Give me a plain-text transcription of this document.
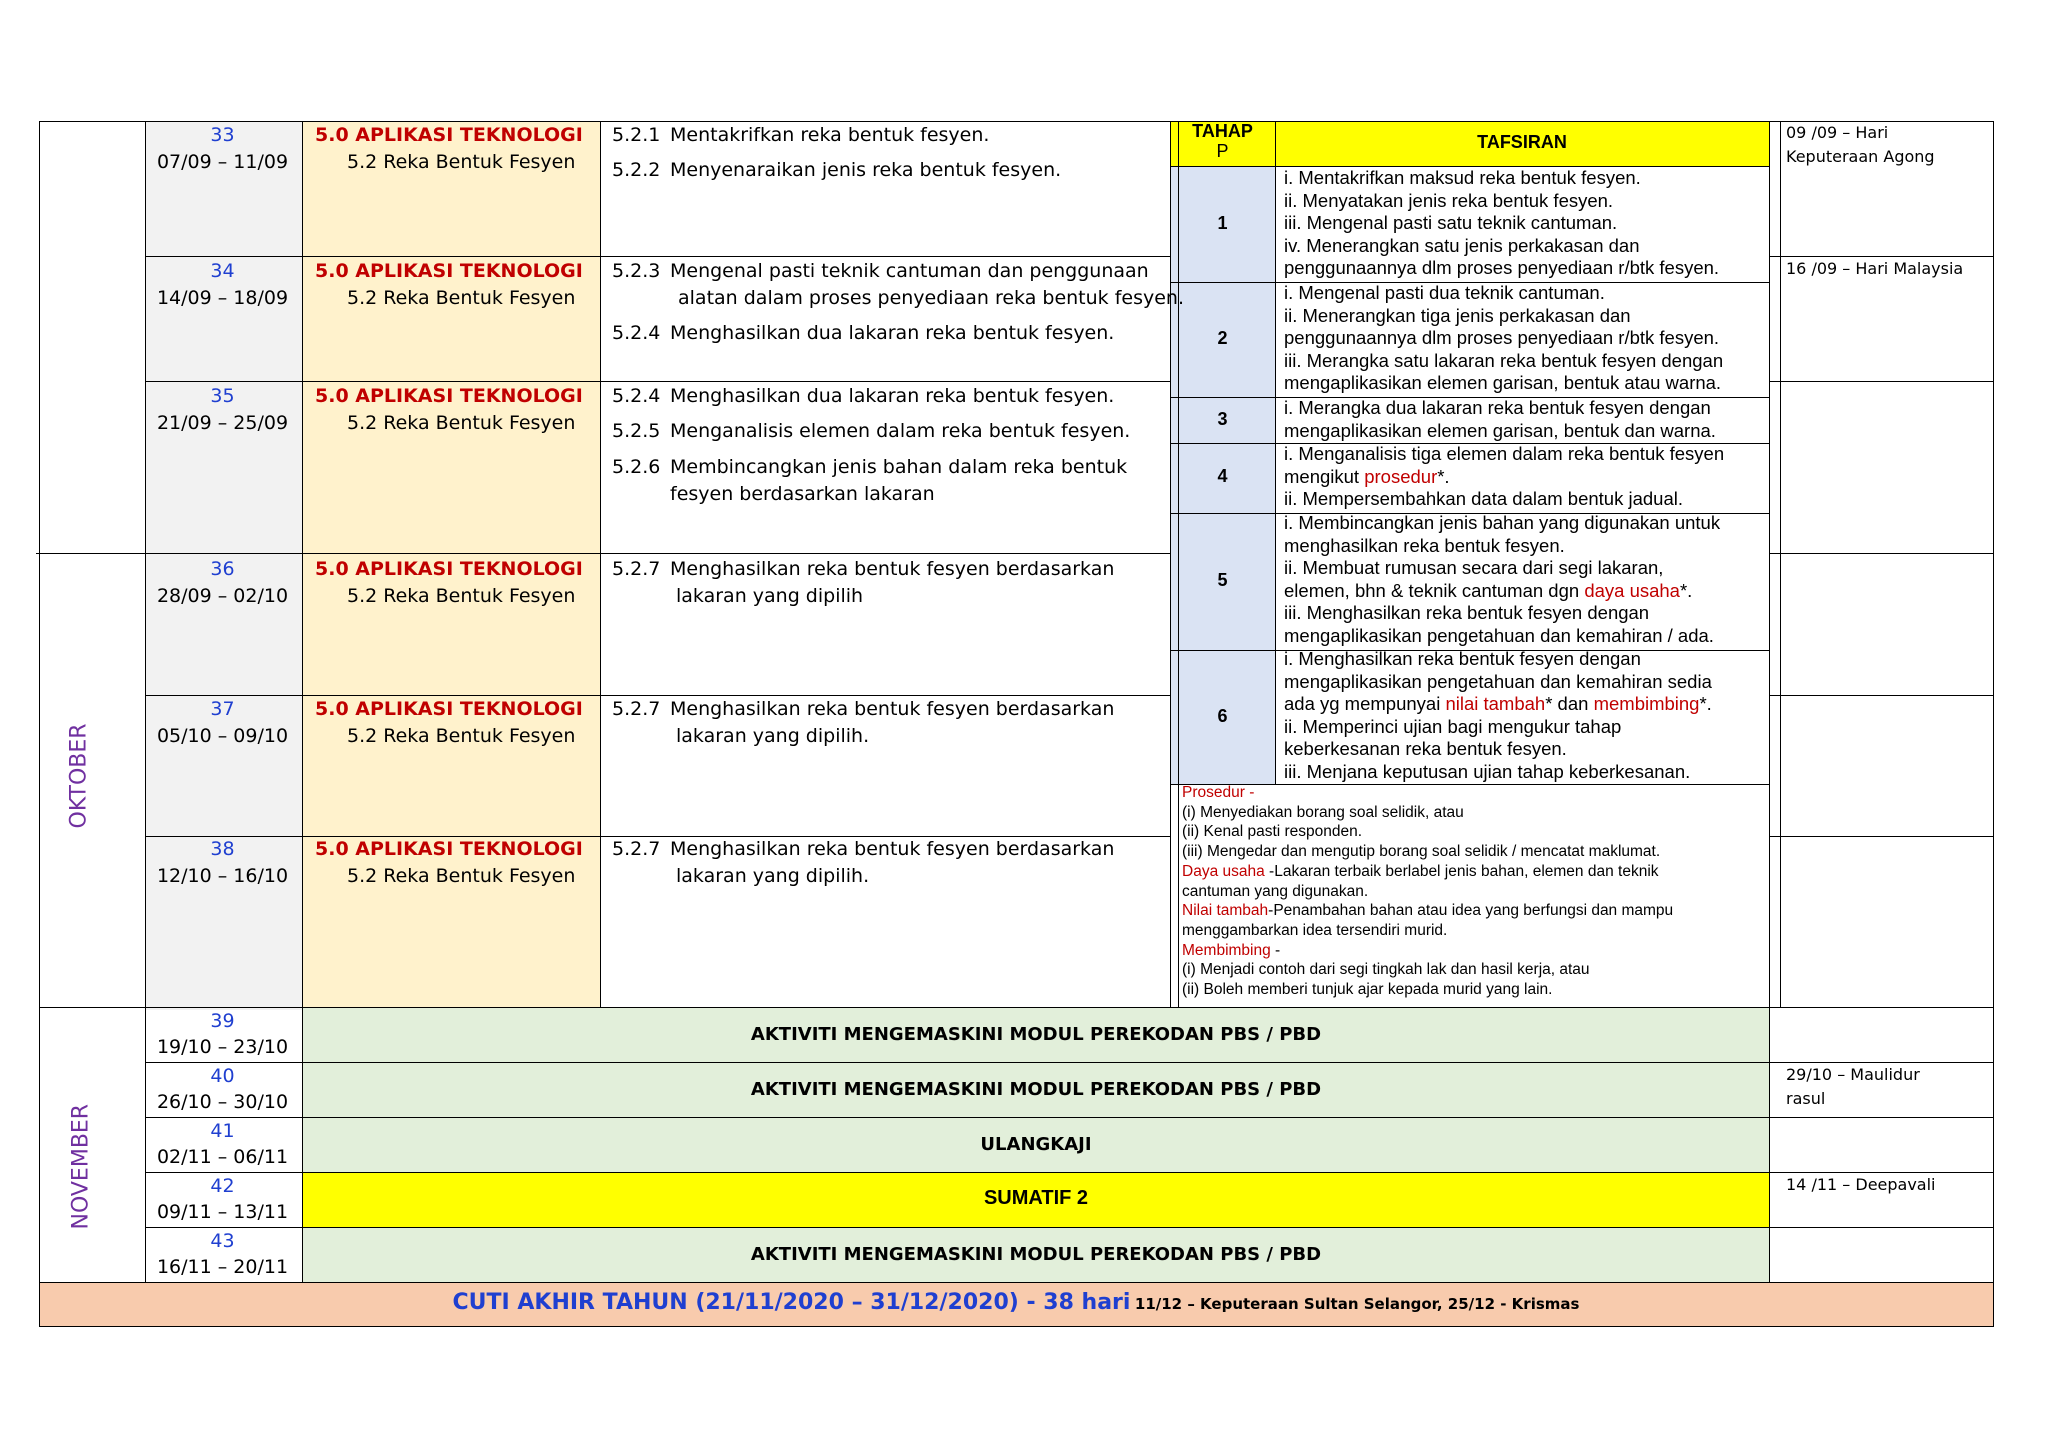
OKTOBER
NOVEMBER
33
07/09 – 11/09
34
14/09 – 18/09
35
21/09 – 25/09
36
28/09 – 02/10
37
05/10 – 09/10
38
12/10 – 16/10
39
19/10 – 23/10
40
26/10 – 30/10
41
02/11 – 06/11
42
09/11 – 13/11
43
16/11 – 20/11
5.0 APLIKASI TEKNOLOGI
5.2 Reka Bentuk Fesyen
5.0 APLIKASI TEKNOLOGI
5.2 Reka Bentuk Fesyen
5.0 APLIKASI TEKNOLOGI
5.2 Reka Bentuk Fesyen
5.0 APLIKASI TEKNOLOGI
5.2 Reka Bentuk Fesyen
5.0 APLIKASI TEKNOLOGI
5.2 Reka Bentuk Fesyen
5.0 APLIKASI TEKNOLOGI
5.2 Reka Bentuk Fesyen
5.2.1 Mentakrifkan reka bentuk fesyen.
5.2.2 Menyenaraikan jenis reka bentuk fesyen.
5.2.3 Mengenal pasti teknik cantuman dan penggunaan
alatan dalam proses penyediaan reka bentuk fesyen.
5.2.4 Menghasilkan dua lakaran reka bentuk fesyen.
5.2.4 Menghasilkan dua lakaran reka bentuk fesyen.
5.2.5 Menganalisis elemen dalam reka bentuk fesyen.
5.2.6 Membincangkan jenis bahan dalam reka bentuk
fesyen berdasarkan lakaran
5.2.7 Menghasilkan reka bentuk fesyen berdasarkan
lakaran yang dipilih
5.2.7 Menghasilkan reka bentuk fesyen berdasarkan
lakaran yang dipilih.
5.2.7 Menghasilkan reka bentuk fesyen berdasarkan
lakaran yang dipilih.
TAHAP
P	TAFSIRAN
1
2
3
4
5
6
i. Mentakrifkan maksud reka bentuk fesyen.
ii. Menyatakan jenis reka bentuk fesyen.
iii. Mengenal pasti satu teknik cantuman.
iv. Menerangkan satu jenis perkakasan dan
penggunaannya dlm proses penyediaan r/btk fesyen.
i. Mengenal pasti dua teknik cantuman.
ii. Menerangkan tiga jenis perkakasan dan
penggunaannya dlm proses penyediaan r/btk fesyen.
iii. Merangka satu lakaran reka bentuk fesyen dengan
mengaplikasikan elemen garisan, bentuk atau warna.
i. Merangka dua lakaran reka bentuk fesyen dengan
mengaplikasikan elemen garisan, bentuk dan warna.
i. Menganalisis tiga elemen dalam reka bentuk fesyen
mengikut prosedur*.
ii. Mempersembahkan data dalam bentuk jadual.
i. Membincangkan jenis bahan yang digunakan untuk
menghasilkan reka bentuk fesyen.
ii. Membuat rumusan secara dari segi lakaran,
elemen, bhn & teknik cantuman dgn daya usaha*.
iii. Menghasilkan reka bentuk fesyen dengan
mengaplikasikan pengetahuan dan kemahiran / ada.
i. Menghasilkan reka bentuk fesyen dengan
mengaplikasikan pengetahuan dan kemahiran sedia
ada yg mempunyai nilai tambah* dan membimbing*.
ii. Memperinci ujian bagi mengukur tahap
keberkesanan reka bentuk fesyen.
iii. Menjana keputusan ujian tahap keberkesanan.
Prosedur -
(i) Menyediakan borang soal selidik, atau
(ii) Kenal pasti responden.
(iii) Mengedar dan mengutip borang soal selidik / mencatat maklumat.
Daya usaha -Lakaran terbaik berlabel jenis bahan, elemen dan teknik
cantuman yang digunakan.
Nilai tambah-Penambahan bahan atau idea yang berfungsi dan mampu
menggambarkan idea tersendiri murid.
Membimbing -
(i) Menjadi contoh dari segi tingkah lak dan hasil kerja, atau
(ii) Boleh memberi tunjuk ajar kepada murid yang lain.
09 /09 – Hari
Keputeraan Agong
16 /09 – Hari Malaysia
29/10 – Maulidur
rasul
14 /11 – Deepavali
AKTIVITI MENGEMASKINI MODUL PEREKODAN PBS / PBD
AKTIVITI MENGEMASKINI MODUL PEREKODAN PBS / PBD
ULANGKAJI
SUMATIF 2
AKTIVITI MENGEMASKINI MODUL PEREKODAN PBS / PBD
CUTI AKHIR TAHUN (21/11/2020 – 31/12/2020) - 38 hari 11/12 – Keputeraan Sultan Selangor, 25/12 - Krismas
